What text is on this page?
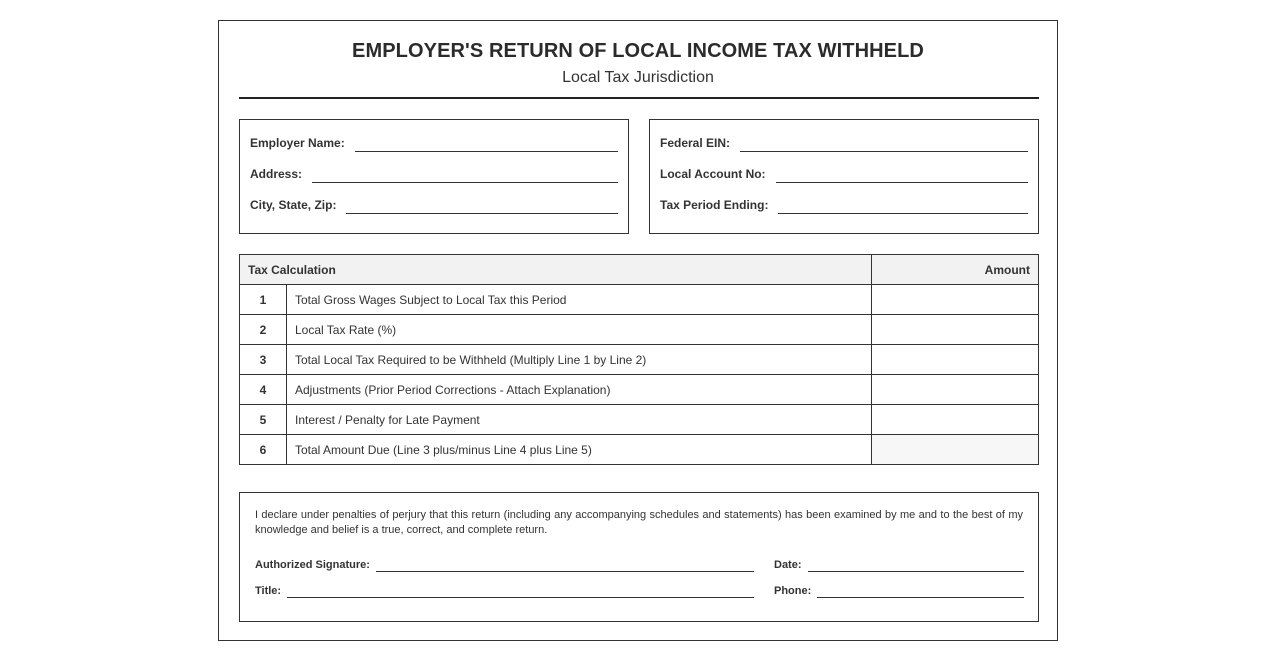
EMPLOYER'S RETURN OF LOCAL INCOME TAX WITHHELD
Local Tax Jurisdiction
Employer Name:
Address:
City, State, Zip:
Federal EIN:
Local Account No:
Tax Period Ending:
Tax Calculation		Amount
1	Total Gross Wages Subject to Local Tax this Period	
2	Local Tax Rate (%)	
3	Total Local Tax Required to be Withheld (Multiply Line 1 by Line 2)	
4	Adjustments (Prior Period Corrections - Attach Explanation)	
5	Interest / Penalty for Late Payment	
6	Total Amount Due (Line 3 plus/minus Line 4 plus Line 5)	
I declare under penalties of perjury that this return (including any accompanying schedules and statements) has been examined by me and to the best of my knowledge and belief is a true, correct, and complete return.
Authorized Signature:	Date:
Title:	Phone:
